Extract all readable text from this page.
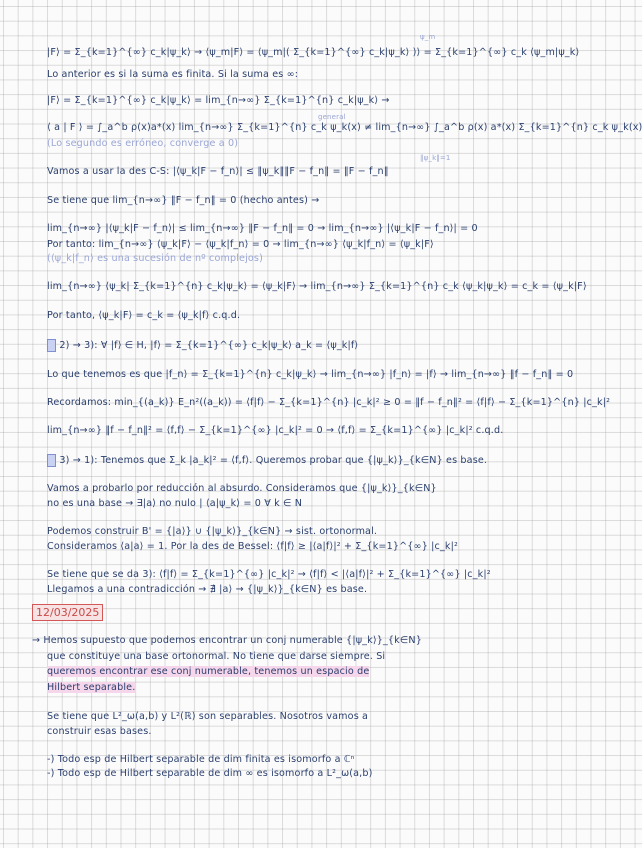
ψ_m
general
‖ψ_k‖=1
|F⟩ = Σ_{k=1}^{∞} c_k|ψ_k⟩ → ⟨ψ_m|F⟩ = ⟨ψ_m|( Σ_{k=1}^{∞} c_k|ψ_k⟩ )⟩ = Σ_{k=1}^{∞} c_k ⟨ψ_m|ψ_k⟩
Lo anterior es si la suma es finita. Si la suma es ∞:
|F⟩ = Σ_{k=1}^{∞} c_k|ψ_k⟩ = lim_{n→∞} Σ_{k=1}^{n} c_k|ψ_k⟩ →
⟨ a | F ⟩ = ∫_a^b ρ(x)a*(x) lim_{n→∞} Σ_{k=1}^{n} c_k ψ_k(x) ≠ lim_{n→∞} ∫_a^b ρ(x) a*(x) Σ_{k=1}^{n} c_k ψ_k(x)
(Lo segundo es erróneo, converge a 0)
Vamos a usar la des C-S: |⟨ψ_k|F − f_n⟩| ≤ ‖ψ_k‖‖F − f_n‖ = ‖F − f_n‖
Se tiene que lim_{n→∞} ‖F − f_n‖ = 0 (hecho antes) →
lim_{n→∞} |⟨ψ_k|F − f_n⟩| ≤ lim_{n→∞} ‖F − f_n‖ = 0 → lim_{n→∞} |⟨ψ_k|F − f_n⟩| = 0
Por tanto: lim_{n→∞} ⟨ψ_k|F⟩ − ⟨ψ_k|f_n⟩ = 0 → lim_{n→∞} ⟨ψ_k|f_n⟩ = ⟨ψ_k|F⟩
(⟨ψ_k|f_n⟩ es una sucesión de nº complejos)
lim_{n→∞} ⟨ψ_k| Σ_{k=1}^{n} c_k|ψ_k⟩ = ⟨ψ_k|F⟩ → lim_{n→∞} Σ_{k=1}^{n} c_k ⟨ψ_k|ψ_k⟩ = c_k = ⟨ψ_k|F⟩
Por tanto, ⟨ψ_k|F⟩ = c_k = ⟨ψ_k|f⟩ c.q.d.
2) → 3): ∀ |f⟩ ∈ H, |f⟩ = Σ_{k=1}^{∞} c_k|ψ_k⟩ a_k = ⟨ψ_k|f⟩
Lo que tenemos es que |f_n⟩ = Σ_{k=1}^{n} c_k|ψ_k⟩ → lim_{n→∞} |f_n⟩ = |f⟩ → lim_{n→∞} ‖f − f_n‖ = 0
Recordamos: min_{(a_k)} E_n²((a_k)) = ⟨f|f⟩ − Σ_{k=1}^{n} |c_k|² ≥ 0 = ‖f − f_n‖² = ⟨f|f⟩ − Σ_{k=1}^{n} |c_k|²
lim_{n→∞} ‖f − f_n‖² = ⟨f,f⟩ − Σ_{k=1}^{∞} |c_k|² = 0 → ⟨f,f⟩ = Σ_{k=1}^{∞} |c_k|² c.q.d.
3) → 1): Tenemos que Σ_k |a_k|² = ⟨f,f⟩. Queremos probar que {|ψ_k⟩}_{k∈N} es base.
Vamos a probarlo por reducción al absurdo. Consideramos que {|ψ_k⟩}_{k∈N}
no es una base → ∃|a⟩ no nulo | ⟨a|ψ_k⟩ = 0 ∀ k ∈ N
Podemos construir B' = {|a⟩} ∪ {|ψ_k⟩}_{k∈N} → sist. ortonormal.
Consideramos ⟨a|a⟩ = 1. Por la des de Bessel: ⟨f|f⟩ ≥ |⟨a|f⟩|² + Σ_{k=1}^{∞} |c_k|²
Se tiene que se da 3): ⟨f|f⟩ = Σ_{k=1}^{∞} |c_k|² → ⟨f|f⟩ < |⟨a|f⟩|² + Σ_{k=1}^{∞} |c_k|²
Llegamos a una contradicción → ∄ |a⟩ → {|ψ_k⟩}_{k∈N} es base.
12/03/2025
→ Hemos supuesto que podemos encontrar un conj numerable {|ψ_k⟩}_{k∈N}
que constituye una base ortonormal. No tiene que darse siempre. Si
queremos encontrar ese conj numerable, tenemos un espacio de
Hilbert separable.
Se tiene que L²_ω(a,b) y L²(ℝ) son separables. Nosotros vamos a
construir esas bases.
-) Todo esp de Hilbert separable de dim finita es isomorfo a ℂⁿ
-) Todo esp de Hilbert separable de dim ∞ es isomorfo a L²_ω(a,b)
